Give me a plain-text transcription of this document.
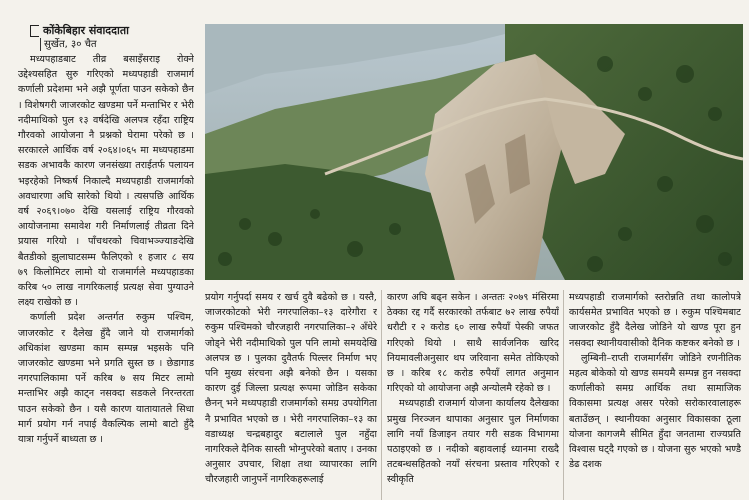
कोंकेबिहार संवाददाता
सुर्खेत, ३० चैत

मध्यपहाडबाट तीव्र बसाइँसराइ रोक्ने उद्देश्यसहित सुरु गरिएको मध्यपहाडी राजमार्ग कर्णाली प्रदेशमा भने अझै पूर्णता पाउन सकेको छैन । विशेषगरी जाजरकोट खण्डमा पर्ने मन्ताभिर र भेरी नदीमाथिको पुल १३ वर्षदेखि अलपत्र रहँदा राष्ट्रिय गौरवको आयोजना नै प्रश्नको घेरामा परेको छ । सरकारले आर्थिक वर्ष २०६४।०६५ मा मध्यपहाडमा सडक अभावकै कारण जनसंख्या तराईतर्फ पलायन भइरहेको निष्कर्ष निकाल्दै मध्यपहाडी राजमार्गको अवधारणा अघि सारेको थियो । त्यसपछि आर्थिक वर्ष २०६९।०७० देखि यसलाई राष्ट्रिय गौरवको आयोजनामा समावेश गरी निर्माणलाई तीव्रता दिने प्रयास गरियो । पाँचथरको चिवाभञ्ज्याङदेखि बैतडीको झुलाघाटसम्म फैलिएको १ हजार ८ सय ७९ किलोमिटर लामो यो राजमार्गले मध्यपहाडका करिब ५० लाख नागरिकलाई प्रत्यक्ष सेवा पुग्याउने लक्ष्य राखेको छ ।

कर्णाली प्रदेश अन्तर्गत रुकुम पश्चिम, जाजरकोट र दैलेख हुँदै जाने यो राजमार्गको अधिकांश खण्डमा काम सम्पन्न भइसके पनि जाजरकोट खण्डमा भने प्रगति सुस्त छ । छेडागाड नगरपालिकामा पर्ने करिब ७ सय मिटर लामो मन्ताभिर अझै काट्न नसक्दा सडकले निरन्तरता पाउन सकेको छैन । यसै कारण यातायातले सिधा मार्ग प्रयोग गर्न नपाई वैकल्पिक लामो बाटो हुँदै यात्रा गर्नुपर्ने बाध्यता छ ।

प्रयोग गर्नुपर्दा समय र खर्च दुवै बढेको छ । यस्तै, जाजरकोटको भेरी नगरपालिका–१३ दारेगौरा र रुकुम पश्चिमको चौरजहारी नगरपालिका–२ अँधेरे जोड्ने भेरी नदीमाथिको पुल पनि लामो समयदेखि अलपत्र छ । पुलका दुवैतर्फ पिल्लर निर्माण भए पनि मुख्य संरचना अझै बनेको छैन । यसका कारण दुई जिल्ला प्रत्यक्ष रूपमा जोडिन सकेका छैनन् भने मध्यपहाडी राजमार्गको समग्र उपयोगिता नै प्रभावित भएको छ । भेरी नगरपालिका–१३ का वडाध्यक्ष चन्द्रबहादुर बटालाले पुल नहुँदा नागरिकले दैनिक सास्ती भोग्नुपरेको बताए । उनका अनुसार उपचार, शिक्षा तथा व्यापारका लागि चौरजहारी जानुपर्ने नागरिकहरूलाई

कारण अघि बढ्न सकेन । अन्ततः २०७९ मंसिरमा ठेक्का रद्द गर्दै सरकारको तर्फबाट ७२ लाख रुपैयाँ धरौटी र २ करोड ६० लाख रुपैयाँ पेस्की जफत गरिएको थियो । साथै सार्वजनिक खरिद नियमावलीअनुसार थप जरिवाना समेत तोकिएको छ । करिब १८ करोड रुपैयाँ लागत अनुमान गरिएको यो आयोजना अझै अन्योलमै रहेको छ ।

मध्यपहाडी राजमार्ग योजना कार्यालय दैलेखका प्रमुख निरञ्जन थापाका अनुसार पुल निर्माणका लागि नयाँ डिजाइन तयार गरी सडक विभागमा पठाइएको छ । नदीको बहावलाई ध्यानमा राख्दै तटबन्धसहितको नयाँ संरचना प्रस्ताव गरिएको र स्वीकृति

मध्यपहाडी राजमार्गको स्तरोन्नति तथा कालोपत्रे कार्यसमेत प्रभावित भएको छ । रुकुम पश्चिमबाट जाजरकोट हुँदै दैलेख जोडिने यो खण्ड पूरा हुन नसक्दा स्थानीयवासीको दैनिक कष्टकर बनेको छ ।

लुम्बिनी–राप्ती राजमार्गसँग जोडिने रणनीतिक महत्व बोकेको यो खण्ड समयमै सम्पन्न हुन नसक्दा कर्णालीको समग्र आर्थिक तथा सामाजिक विकासमा प्रत्यक्ष असर परेको सरोकारवालाहरू बताउँछन् । स्थानीयका अनुसार विकासका ठूला योजना कागजमै सीमित हुँदा जनतामा राज्यप्रति विश्वास घट्दै गएको छ । योजना सुरु भएको भण्डै डेढ दशक
